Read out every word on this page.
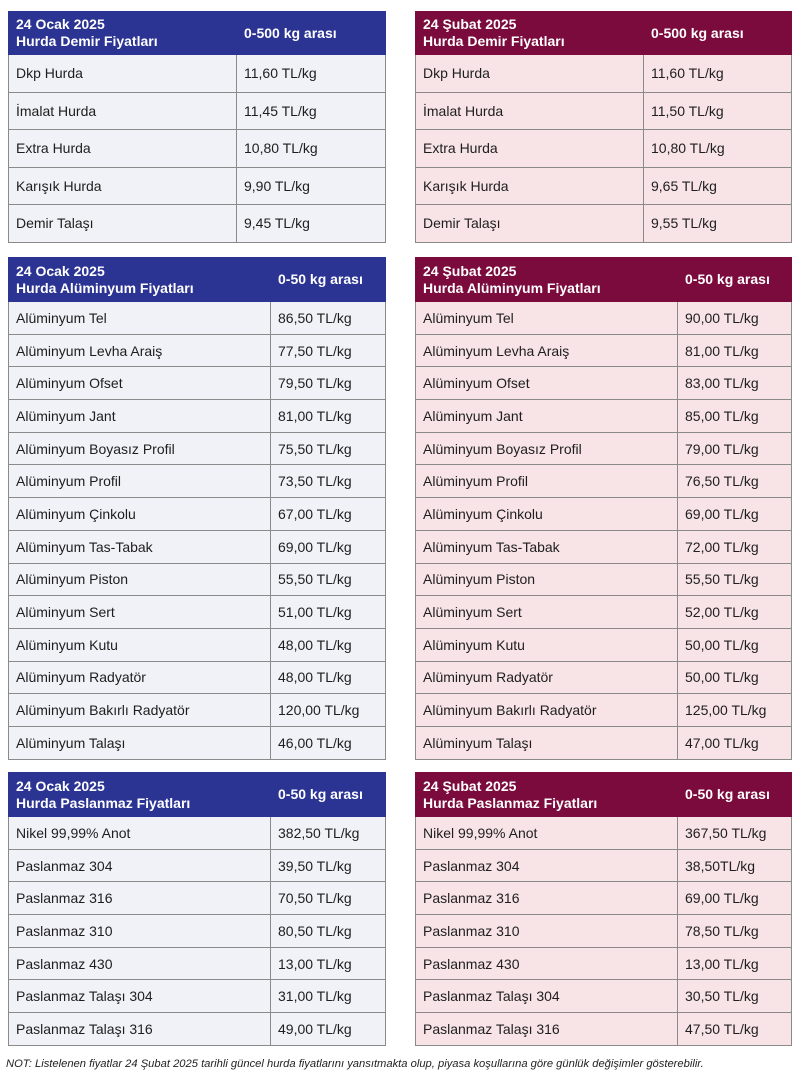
24 Ocak 2025
Hurda Demir Fiyatları	0-500 kg arası
Dkp Hurda	11,60 TL/kg
İmalat Hurda	11,45 TL/kg
Extra Hurda	10,80 TL/kg
Karışık Hurda	9,90 TL/kg
Demir Talaşı	9,45 TL/kg
24 Şubat 2025
Hurda Demir Fiyatları	0-500 kg arası
Dkp Hurda	11,60 TL/kg
İmalat Hurda	11,50 TL/kg
Extra Hurda	10,80 TL/kg
Karışık Hurda	9,65 TL/kg
Demir Talaşı	9,55 TL/kg
24 Ocak 2025
Hurda Alüminyum Fiyatları	0-50 kg arası
Alüminyum Tel	86,50 TL/kg
Alüminyum Levha Araiş	77,50 TL/kg
Alüminyum Ofset	79,50 TL/kg
Alüminyum Jant	81,00 TL/kg
Alüminyum Boyasız Profil	75,50 TL/kg
Alüminyum Profil	73,50 TL/kg
Alüminyum Çinkolu	67,00 TL/kg
Alüminyum Tas-Tabak	69,00 TL/kg
Alüminyum Piston	55,50 TL/kg
Alüminyum Sert	51,00 TL/kg
Alüminyum Kutu	48,00 TL/kg
Alüminyum Radyatör	48,00 TL/kg
Alüminyum Bakırlı Radyatör	120,00 TL/kg
Alüminyum Talaşı	46,00 TL/kg
24 Şubat 2025
Hurda Alüminyum Fiyatları	0-50 kg arası
Alüminyum Tel	90,00 TL/kg
Alüminyum Levha Araiş	81,00 TL/kg
Alüminyum Ofset	83,00 TL/kg
Alüminyum Jant	85,00 TL/kg
Alüminyum Boyasız Profil	79,00 TL/kg
Alüminyum Profil	76,50 TL/kg
Alüminyum Çinkolu	69,00 TL/kg
Alüminyum Tas-Tabak	72,00 TL/kg
Alüminyum Piston	55,50 TL/kg
Alüminyum Sert	52,00 TL/kg
Alüminyum Kutu	50,00 TL/kg
Alüminyum Radyatör	50,00 TL/kg
Alüminyum Bakırlı Radyatör	125,00 TL/kg
Alüminyum Talaşı	47,00 TL/kg
24 Ocak 2025
Hurda Paslanmaz Fiyatları	0-50 kg arası
Nikel 99,99% Anot	382,50 TL/kg
Paslanmaz 304	39,50 TL/kg
Paslanmaz 316	70,50 TL/kg
Paslanmaz 310	80,50 TL/kg
Paslanmaz 430	13,00 TL/kg
Paslanmaz Talaşı 304	31,00 TL/kg
Paslanmaz Talaşı 316	49,00 TL/kg
24 Şubat 2025
Hurda Paslanmaz Fiyatları	0-50 kg arası
Nikel 99,99% Anot	367,50 TL/kg
Paslanmaz 304	38,50TL/kg
Paslanmaz 316	69,00 TL/kg
Paslanmaz 310	78,50 TL/kg
Paslanmaz 430	13,00 TL/kg
Paslanmaz Talaşı 304	30,50 TL/kg
Paslanmaz Talaşı 316	47,50 TL/kg
NOT: Listelenen fiyatlar 24 Şubat 2025 tarihli güncel hurda fiyatlarını yansıtmakta olup, piyasa koşullarına göre günlük değişimler gösterebilir.
